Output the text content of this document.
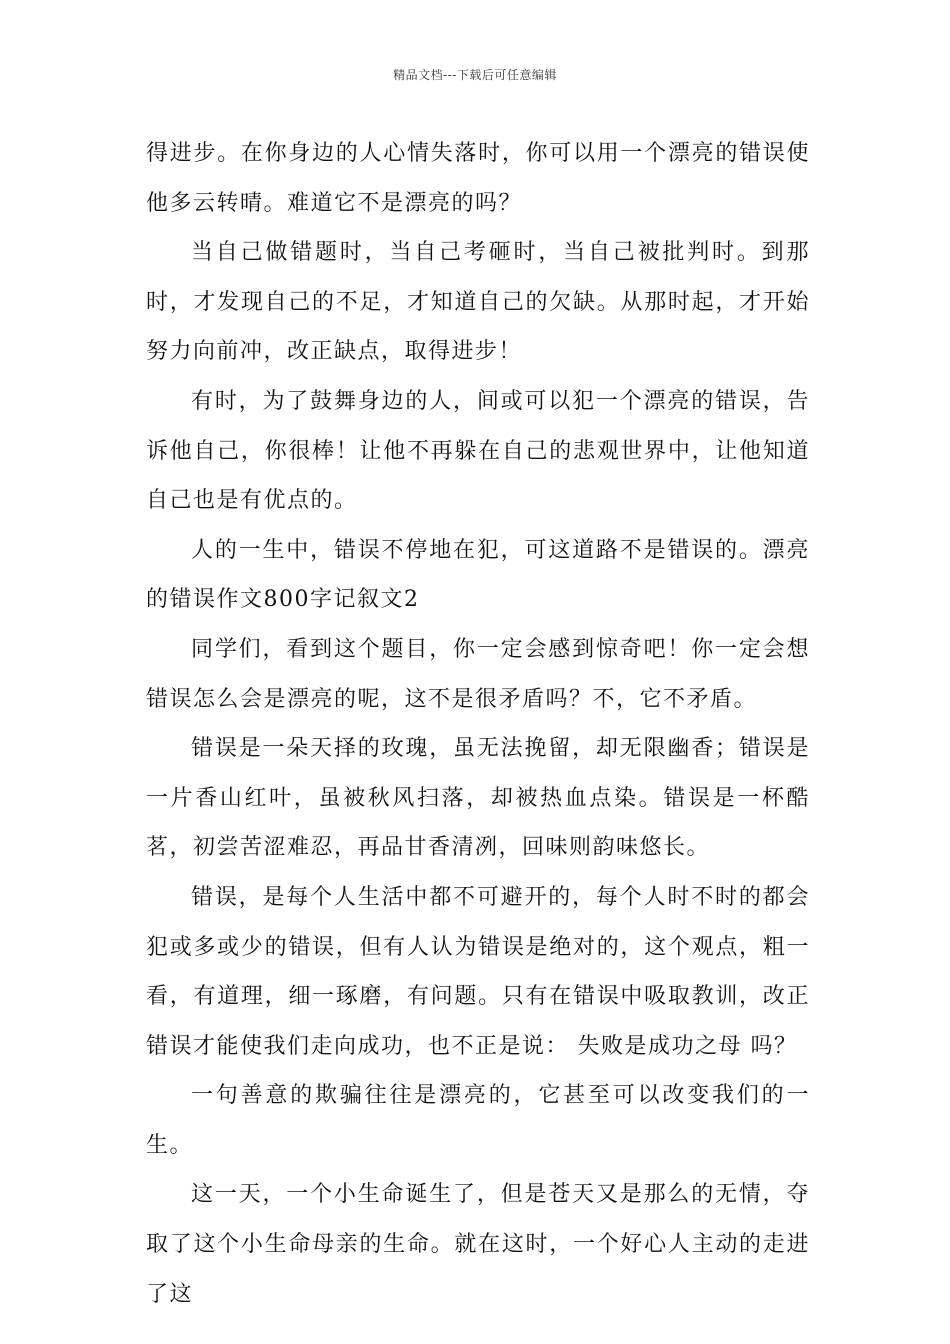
精品文档---下载后可任意编辑

得进步。在你身边的人心情失落时，你可以用一个漂亮的错误使他多云转晴。难道它不是漂亮的吗？

当自己做错题时，当自己考砸时，当自己被批判时。到那时，才发现自己的不足，才知道自己的欠缺。从那时起，才开始努力向前冲，改正缺点，取得进步！

有时，为了鼓舞身边的人，间或可以犯一个漂亮的错误，告诉他自己，你很棒！让他不再躲在自己的悲观世界中，让他知道自己也是有优点的。

人的一生中，错误不停地在犯，可这道路不是错误的。漂亮的错误作文800字记叙文2

同学们，看到这个题目，你一定会感到惊奇吧！你一定会想错误怎么会是漂亮的呢，这不是很矛盾吗？不，它不矛盾。

错误是一朵天择的玫瑰，虽无法挽留，却无限幽香；错误是一片香山红叶，虽被秋风扫落，却被热血点染。错误是一杯酷茗，初尝苦涩难忍，再品甘香清冽，回味则韵味悠长。

错误，是每个人生活中都不可避开的，每个人时不时的都会犯或多或少的错误，但有人认为错误是绝对的，这个观点，粗一看，有道理，细一琢磨，有问题。只有在错误中吸取教训，改正错误才能使我们走向成功，也不正是说： 失败是成功之母 吗？

一句善意的欺骗往往是漂亮的，它甚至可以改变我们的一生。

这一天，一个小生命诞生了，但是苍天又是那么的无情，夺取了这个小生命母亲的生命。就在这时，一个好心人主动的走进了这
